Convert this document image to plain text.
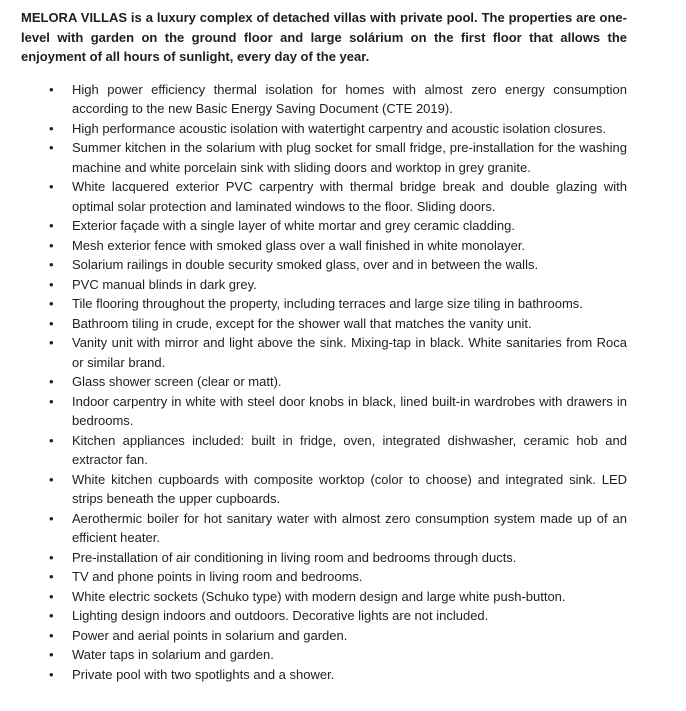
MELORA VILLAS is a luxury complex of detached villas with private pool. The properties are one-level with garden on the ground floor and large solárium on the first floor that allows the enjoyment of all hours of sunlight, every day of the year.

• High power efficiency thermal isolation for homes with almost zero energy consumption according to the new Basic Energy Saving Document (CTE 2019).
• High performance acoustic isolation with watertight carpentry and acoustic isolation closures.
• Summer kitchen in the solarium with plug socket for small fridge, pre-installation for the washing machine and white porcelain sink with sliding doors and worktop in grey granite.
• White lacquered exterior PVC carpentry with thermal bridge break and double glazing with optimal solar protection and laminated windows to the floor. Sliding doors.
• Exterior façade with a single layer of white mortar and grey ceramic cladding.
• Mesh exterior fence with smoked glass over a wall finished in white monolayer.
• Solarium railings in double security smoked glass, over and in between the walls.
• PVC manual blinds in dark grey.
• Tile flooring throughout the property, including terraces and large size tiling in bathrooms.
• Bathroom tiling in crude, except for the shower wall that matches the vanity unit.
• Vanity unit with mirror and light above the sink. Mixing-tap in black. White sanitaries from Roca or similar brand.
• Glass shower screen (clear or matt).
• Indoor carpentry in white with steel door knobs in black, lined built-in wardrobes with drawers in bedrooms.
• Kitchen appliances included: built in fridge, oven, integrated dishwasher, ceramic hob and extractor fan.
• White kitchen cupboards with composite worktop (color to choose) and integrated sink. LED strips beneath the upper cupboards.
• Aerothermic boiler for hot sanitary water with almost zero consumption system made up of an efficient heater.
• Pre-installation of air conditioning in living room and bedrooms through ducts.
• TV and phone points in living room and bedrooms.
• White electric sockets (Schuko type) with modern design and large white push-button.
• Lighting design indoors and outdoors. Decorative lights are not included.
• Power and aerial points in solarium and garden.
• Water taps in solarium and garden.
• Private pool with two spotlights and a shower.
